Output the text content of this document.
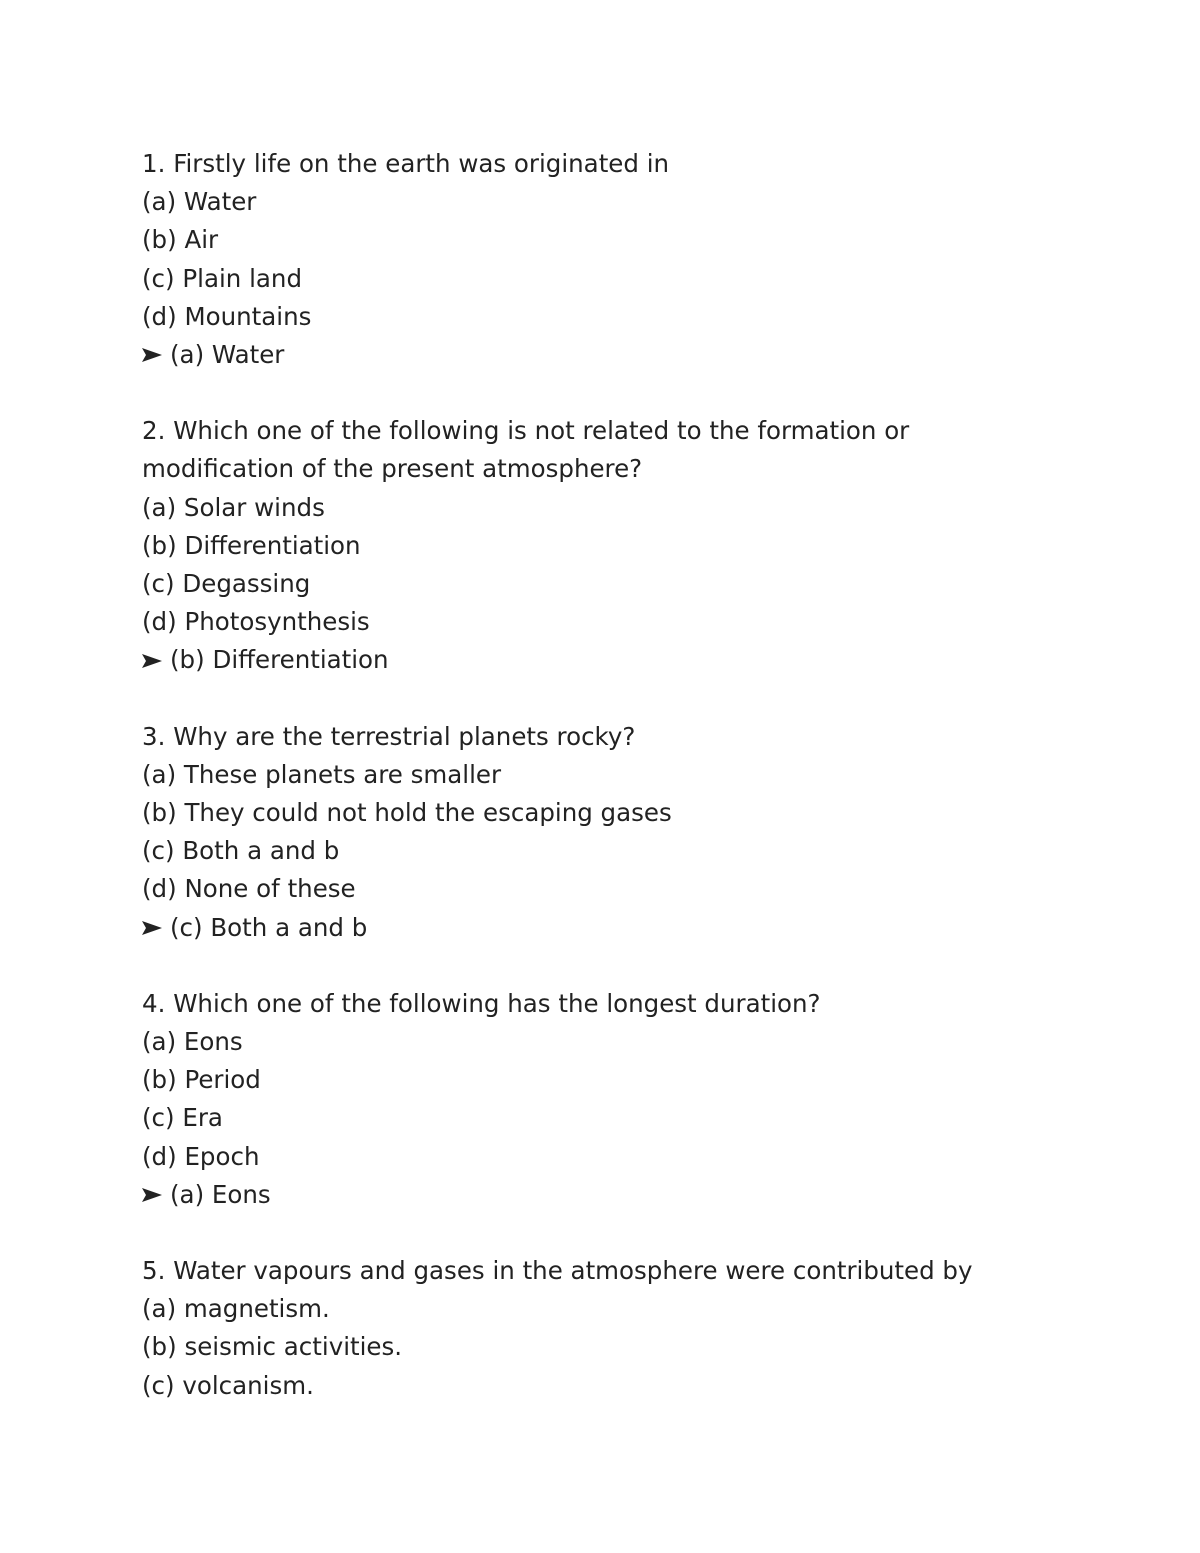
1. Firstly life on the earth was originated in

(a) Water

(b) Air

(c) Plain land

(d) Mountains

(a) Water

2. Which one of the following is not related to the formation or modification of the present atmosphere?

(a) Solar winds

(b) Differentiation

(c) Degassing

(d) Photosynthesis

(b) Differentiation

3. Why are the terrestrial planets rocky?

(a) These planets are smaller

(b) They could not hold the escaping gases

(c) Both a and b

(d) None of these

(c) Both a and b

4. Which one of the following has the longest duration?

(a) Eons

(b) Period

(c) Era

(d) Epoch

(a) Eons

5. Water vapours and gases in the atmosphere were contributed by

(a) magnetism.

(b) seismic activities.

(c) volcanism.
